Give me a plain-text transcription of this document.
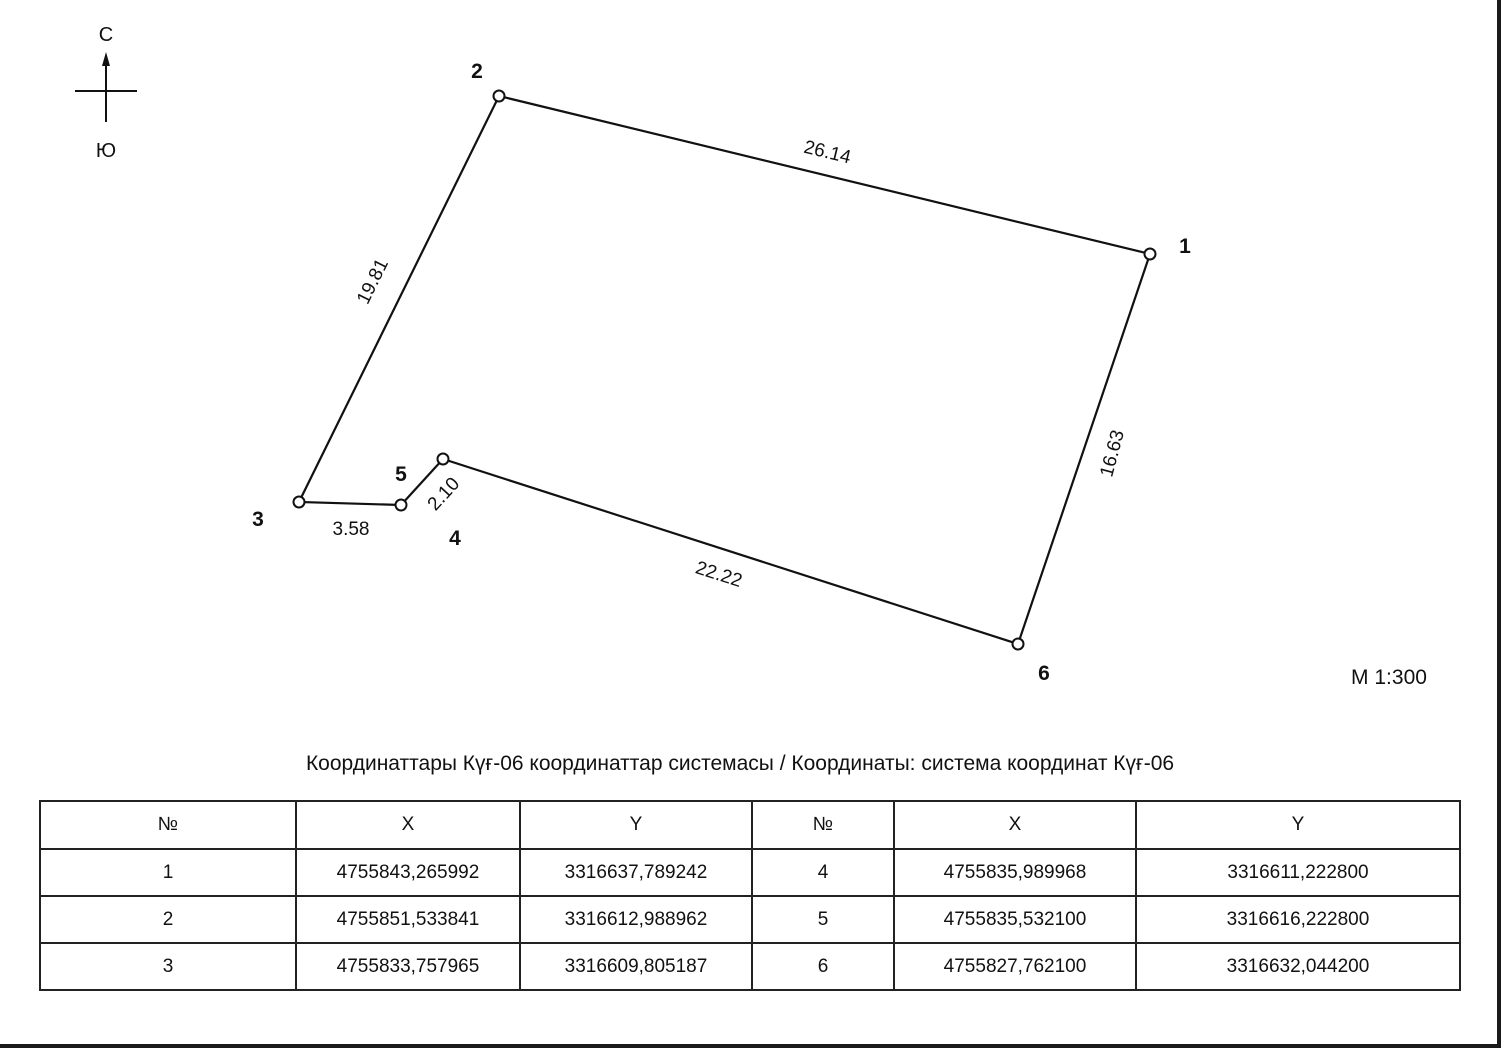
С
Ю
1
2
3
4
5
6
26.14
19.81
3.58
2.10
22.22
16.63
М 1:300
Координаттары Күғ-06 координаттар системасы / Координаты: система координат Күғ-06
№	X	Y	№	X	Y
1	4755843,265992	3316637,789242	4	4755835,989968	3316611,222800
2	4755851,533841	3316612,988962	5	4755835,532100	3316616,222800
3	4755833,757965	3316609,805187	6	4755827,762100	3316632,044200
